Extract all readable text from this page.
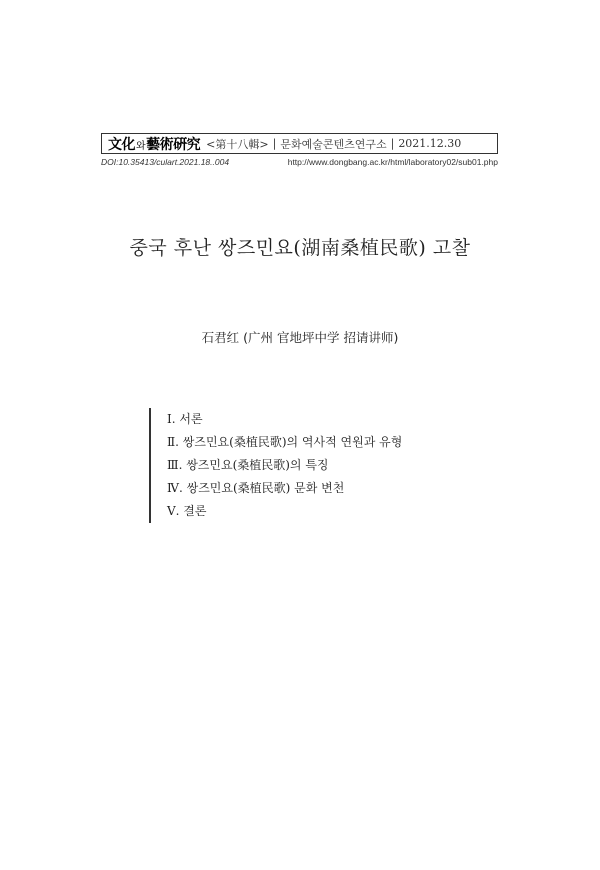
文化와藝術硏究 <第十八輯> | 문화예술콘텐츠연구소 | 2021.12.30
DOI:10.35413/culart.2021.18..004	http://www.dongbang.ac.kr/html/laboratory02/sub01.php
중국 후난 쌍즈민요(湖南桑植民歌) 고찰
石君红 (广州 官地坪中学 招请讲师)
Ⅰ. 서론
Ⅱ. 쌍즈민요(桑植民歌)의 역사적 연원과 유형
Ⅲ. 쌍즈민요(桑植民歌)의 특징
Ⅳ. 쌍즈민요(桑植民歌) 문화 변천
Ⅴ. 결론
